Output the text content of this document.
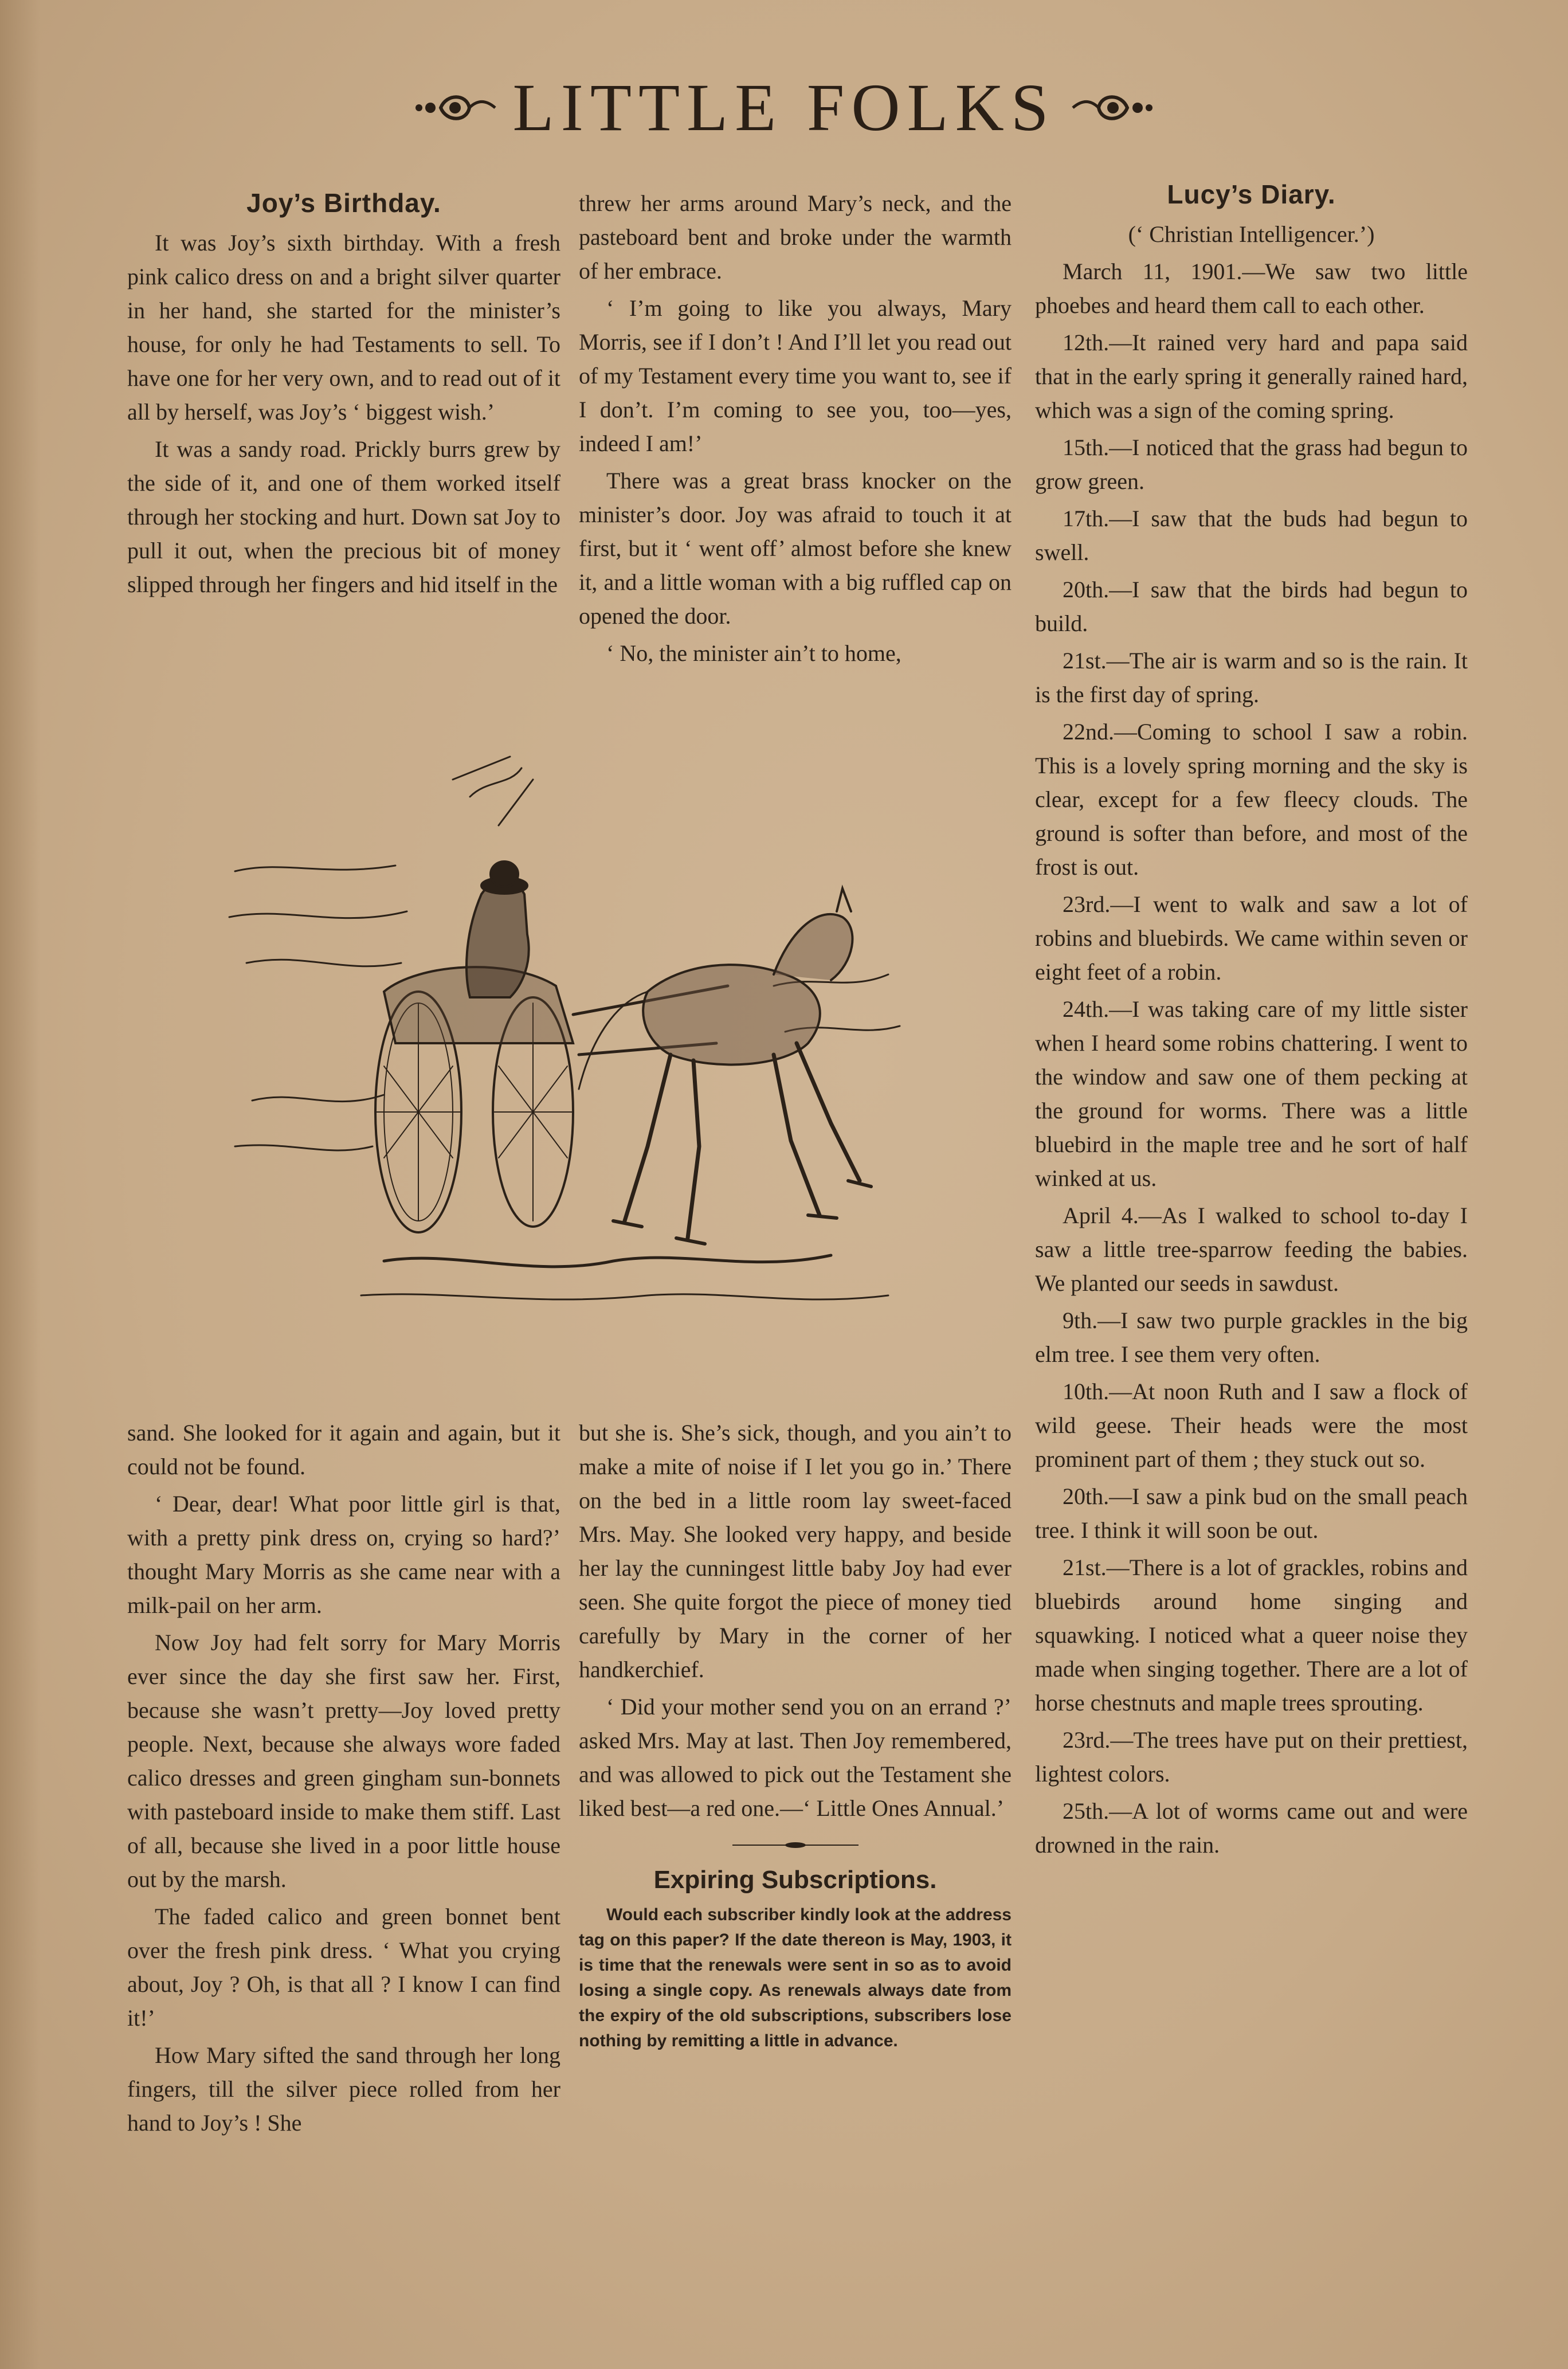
LITTLE FOLKS
Joy’s Birthday.

It was Joy’s sixth birthday. With a fresh pink calico dress on and a bright silver quarter in her hand, she started for the minister’s house, for only he had Testaments to sell. To have one for her very own, and to read out of it all by herself, was Joy’s ‘ biggest wish.’

It was a sandy road. Prickly burrs grew by the side of it, and one of them worked itself through her stocking and hurt. Down sat Joy to pull it out, when the precious bit of money slipped through her fingers and hid itself in the

threw her arms around Mary’s neck, and the pasteboard bent and broke under the warmth of her embrace.

‘ I’m going to like you always, Mary Morris, see if I don’t ! And I’ll let you read out of my Testament every time you want to, see if I don’t. I’m coming to see you, too—yes, indeed I am!’

There was a great brass knocker on the minister’s door. Joy was afraid to touch it at first, but it ‘ went off’ almost before she knew it, and a little woman with a big ruffled cap on opened the door.

‘ No, the minister ain’t to home,

sand. She looked for it again and again, but it could not be found.

‘ Dear, dear! What poor little girl is that, with a pretty pink dress on, crying so hard?’ thought Mary Morris as she came near with a milk-pail on her arm.

Now Joy had felt sorry for Mary Morris ever since the day she first saw her. First, because she wasn’t pretty—Joy loved pretty people. Next, because she always wore faded calico dresses and green gingham sun-bonnets with pasteboard inside to make them stiff. Last of all, because she lived in a poor little house out by the marsh.

The faded calico and green bonnet bent over the fresh pink dress. ‘ What you crying about, Joy ? Oh, is that all ? I know I can find it!’

How Mary sifted the sand through her long fingers, till the silver piece rolled from her hand to Joy’s ! She

but she is. She’s sick, though, and you ain’t to make a mite of noise if I let you go in.’ There on the bed in a little room lay sweet-faced Mrs. May. She looked very happy, and beside her lay the cunningest little baby Joy had ever seen. She quite forgot the piece of money tied carefully by Mary in the corner of her handkerchief.

‘ Did your mother send you on an errand ?’ asked Mrs. May at last. Then Joy remembered, and was allowed to pick out the Testament she liked best—a red one.—‘ Little Ones Annual.’

Expiring Subscriptions.

Would each subscriber kindly look at the address tag on this paper? If the date thereon is May, 1903, it is time that the renewals were sent in so as to avoid losing a single copy. As renewals always date from the expiry of the old subscriptions, subscribers lose nothing by remitting a little in advance.

Lucy’s Diary.

(‘ Christian Intelligencer.’)

March 11, 1901.—We saw two little phoebes and heard them call to each other.

12th.—It rained very hard and papa said that in the early spring it generally rained hard, which was a sign of the coming spring.

15th.—I noticed that the grass had begun to grow green.

17th.—I saw that the buds had begun to swell.

20th.—I saw that the birds had begun to build.

21st.—The air is warm and so is the rain. It is the first day of spring.

22nd.—Coming to school I saw a robin. This is a lovely spring morning and the sky is clear, except for a few fleecy clouds. The ground is softer than before, and most of the frost is out.

23rd.—I went to walk and saw a lot of robins and bluebirds. We came within seven or eight feet of a robin.

24th.—I was taking care of my little sister when I heard some robins chattering. I went to the window and saw one of them pecking at the ground for worms. There was a little bluebird in the maple tree and he sort of half winked at us.

April 4.—As I walked to school to-day I saw a little tree-sparrow feeding the babies. We planted our seeds in sawdust.

9th.—I saw two purple grackles in the big elm tree. I see them very often.

10th.—At noon Ruth and I saw a flock of wild geese. Their heads were the most prominent part of them ; they stuck out so.

20th.—I saw a pink bud on the small peach tree. I think it will soon be out.

21st.—There is a lot of grackles, robins and bluebirds around home singing and squawking. I noticed what a queer noise they made when singing together. There are a lot of horse chestnuts and maple trees sprouting.

23rd.—The trees have put on their prettiest, lightest colors.

25th.—A lot of worms came out and were drowned in the rain.
